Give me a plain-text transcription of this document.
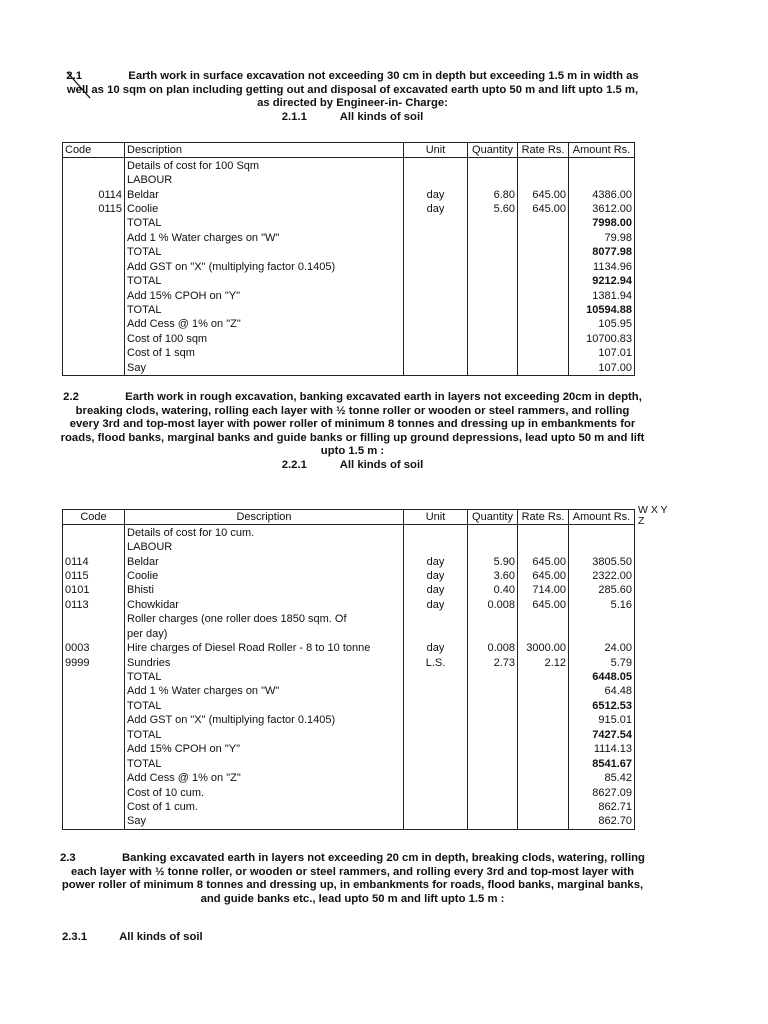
2.1	Earth work in surface excavation not exceeding 30 cm in depth but exceeding 1.5 m in width as well as 10 sqm on plan including getting out and disposal of excavated earth upto 50 m and lift upto 1.5 m, as directed by Engineer-in- Charge:
2.1.1	All kinds of soil
Code	Description	Unit	Quantity	Rate Rs.	Amount Rs.
	Details of cost for 100 Sqm				
	LABOUR				
0114	Beldar	day	6.80	645.00	4386.00
0115	Coolie	day	5.60	645.00	3612.00
	TOTAL				7998.00
	Add 1 % Water charges on "W"				79.98
	TOTAL				8077.98
	Add GST on "X" (multiplying factor 0.1405)				1134.96
	TOTAL				9212.94
	Add 15% CPOH on "Y"				1381.94
	TOTAL				10594.88
	Add Cess @ 1% on "Z"				105.95
	Cost of 100 sqm				10700.83
	Cost of 1 sqm				107.01
	Say				107.00
2.2	Earth work in rough excavation, banking excavated earth in layers not exceeding 20cm in depth, breaking clods, watering, rolling each layer with ½ tonne roller or wooden or steel rammers, and rolling every 3rd and top-most layer with power roller of minimum 8 tonnes and dressing up in embankments for roads, flood banks, marginal banks and guide banks or filling up ground depressions, lead upto 50 m and lift upto 1.5 m :
2.2.1	All kinds of soil
Code	Description	Unit	Quantity	Rate Rs.	Amount Rs.
	Details of cost for 10 cum.				
	LABOUR				
0114	Beldar	day	5.90	645.00	3805.50
0115	Coolie	day	3.60	645.00	2322.00
0101	Bhisti	day	0.40	714.00	285.60
0113	Chowkidar	day	0.008	645.00	5.16
	Roller charges (one roller does 1850 sqm. Of				
	per day)				
0003	Hire charges of Diesel Road Roller - 8 to 10 tonne	day	0.008	3000.00	24.00
9999	Sundries	L.S.	2.73	2.12	5.79
	TOTAL				6448.05
	Add 1 % Water charges on "W"				64.48
	TOTAL				6512.53
	Add GST on "X" (multiplying factor 0.1405)				915.01
	TOTAL				7427.54
	Add 15% CPOH on "Y"				1114.13
	TOTAL				8541.67
	Add Cess @ 1% on "Z"				85.42
	Cost of 10 cum.				8627.09
	Cost of 1 cum.				862.71
	Say				862.70
W X Y
Z
2.3	Banking excavated earth in layers not exceeding 20 cm in depth, breaking clods, watering, rolling each layer with ½ tonne roller, or wooden or steel rammers, and rolling every 3rd and top-most layer with power roller of minimum 8 tonnes and dressing up, in embankments for roads, flood banks, marginal banks, and guide banks etc., lead upto 50 m and lift upto 1.5 m :
2.3.1	All kinds of soil
